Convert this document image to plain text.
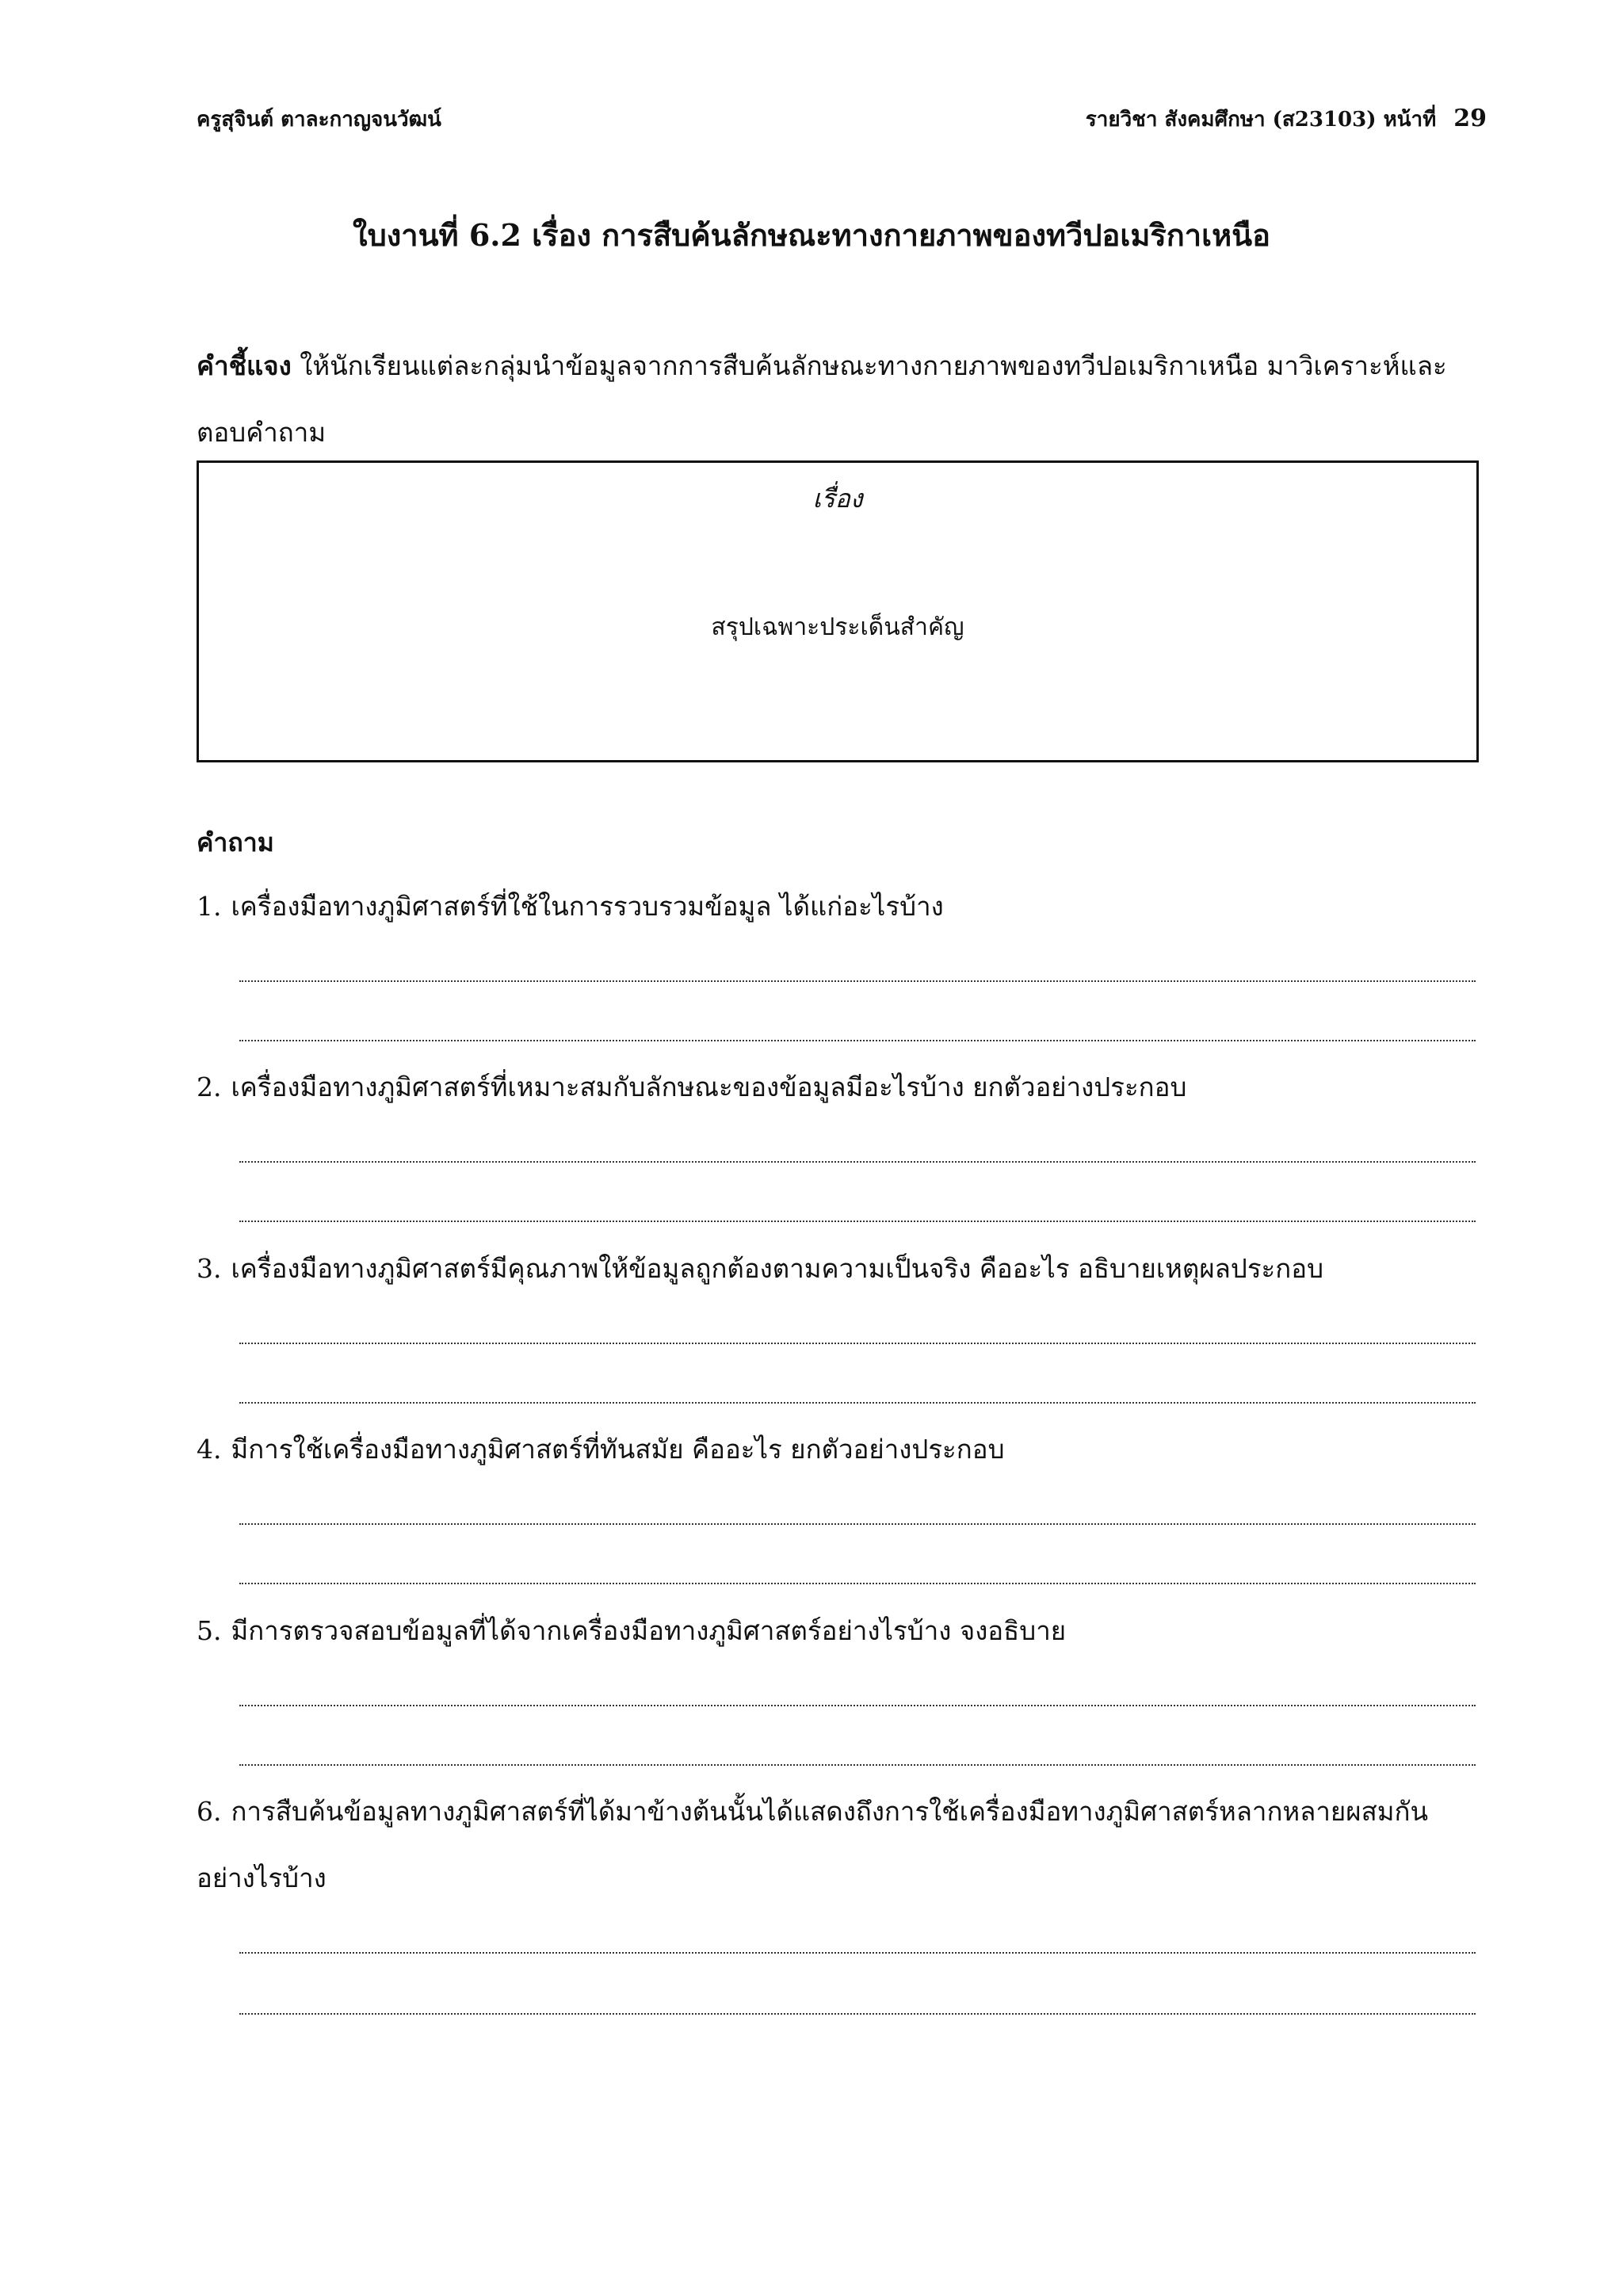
ครูสุจินต์ ตาละกาญจนวัฒน์	รายวิชา สังคมศึกษา (ส23103) หน้าที่ 29
ใบงานที่ 6.2 เรื่อง การสืบค้นลักษณะทางกายภาพของทวีปอเมริกาเหนือ
คำชี้แจง ให้นักเรียนแต่ละกลุ่มนำข้อมูลจากการสืบค้นลักษณะทางกายภาพของทวีปอเมริกาเหนือ มาวิเคราะห์และตอบคำถาม
เรื่อง
สรุปเฉพาะประเด็นสำคัญ
คำถาม
1. เครื่องมือทางภูมิศาสตร์ที่ใช้ในการรวบรวมข้อมูล ได้แก่อะไรบ้าง
2. เครื่องมือทางภูมิศาสตร์ที่เหมาะสมกับลักษณะของข้อมูลมีอะไรบ้าง ยกตัวอย่างประกอบ
3. เครื่องมือทางภูมิศาสตร์มีคุณภาพให้ข้อมูลถูกต้องตามความเป็นจริง คืออะไร อธิบายเหตุผลประกอบ
4. มีการใช้เครื่องมือทางภูมิศาสตร์ที่ทันสมัย คืออะไร ยกตัวอย่างประกอบ
5. มีการตรวจสอบข้อมูลที่ได้จากเครื่องมือทางภูมิศาสตร์อย่างไรบ้าง จงอธิบาย
6. การสืบค้นข้อมูลทางภูมิศาสตร์ที่ได้มาข้างต้นนั้นได้แสดงถึงการใช้เครื่องมือทางภูมิศาสตร์หลากหลายผสมกันอย่างไรบ้าง
